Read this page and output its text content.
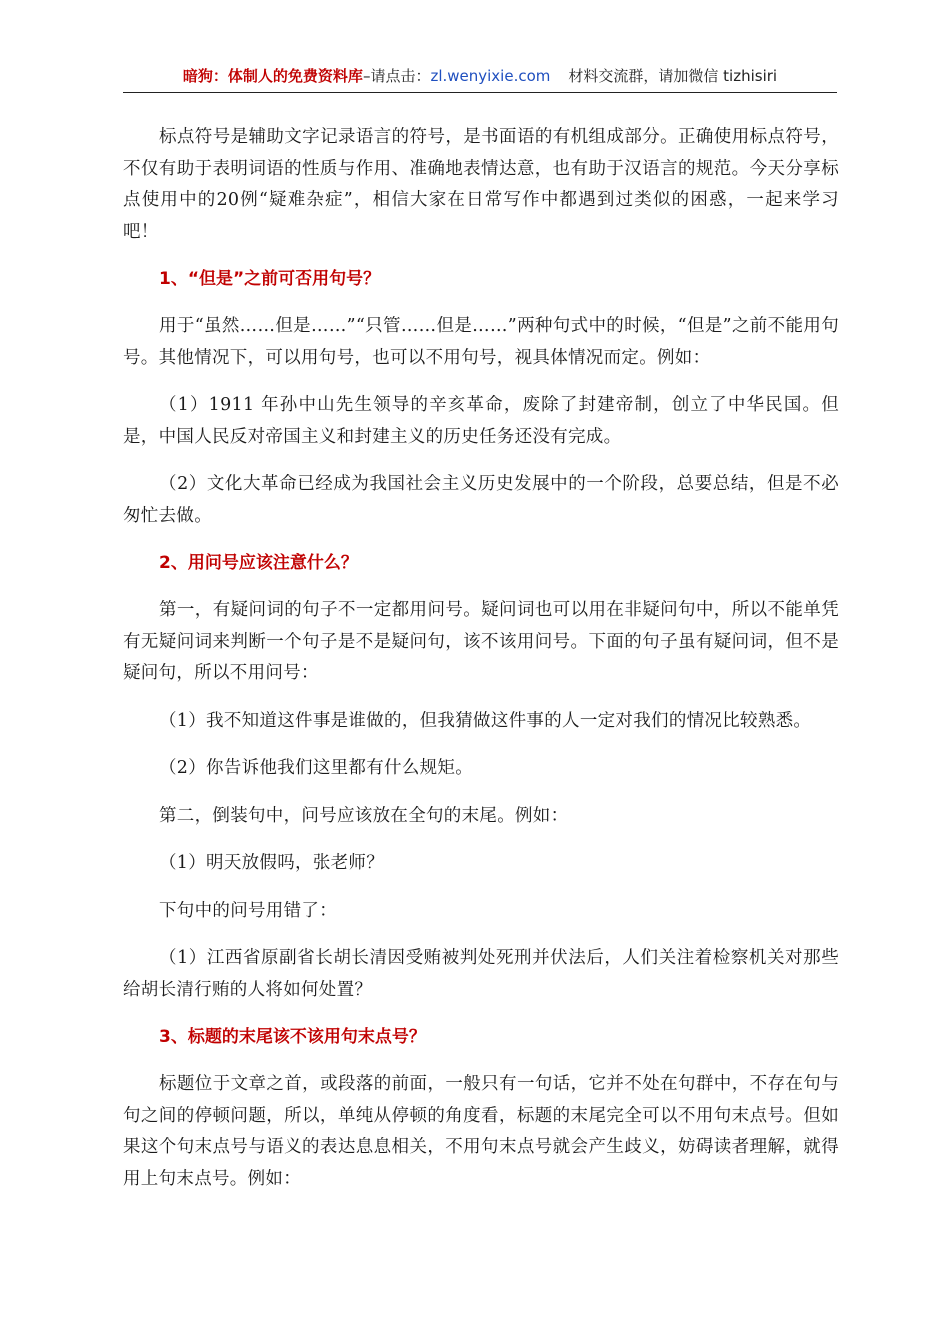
暗狗：体制人的免费资料库–请点击：zl.wenyixie.com 材料交流群，请加微信 tizhisiri

标点符号是辅助文字记录语言的符号，是书面语的有机组成部分。正确使用标点符号，不仅有助于表明词语的性质与作用、准确地表情达意，也有助于汉语言的规范。今天分享标点使用中的20例“疑难杂症”，相信大家在日常写作中都遇到过类似的困惑，一起来学习吧！

1、“但是”之前可否用句号？

用于“虽然……但是……”“只管……但是……”两种句式中的时候，“但是”之前不能用句号。其他情况下，可以用句号，也可以不用句号，视具体情况而定。例如：

（1）1911 年孙中山先生领导的辛亥革命，废除了封建帝制，创立了中华民国。但是，中国人民反对帝国主义和封建主义的历史任务还没有完成。

（2）文化大革命已经成为我国社会主义历史发展中的一个阶段，总要总结，但是不必匆忙去做。

2、用问号应该注意什么？

第一，有疑问词的句子不一定都用问号。疑问词也可以用在非疑问句中，所以不能单凭有无疑问词来判断一个句子是不是疑问句，该不该用问号。下面的句子虽有疑问词，但不是疑问句，所以不用问号：

（1）我不知道这件事是谁做的，但我猜做这件事的人一定对我们的情况比较熟悉。

（2）你告诉他我们这里都有什么规矩。

第二，倒装句中，问号应该放在全句的末尾。例如：

（1）明天放假吗，张老师？

下句中的问号用错了：

（1）江西省原副省长胡长清因受贿被判处死刑并伏法后，人们关注着检察机关对那些给胡长清行贿的人将如何处置？

3、标题的末尾该不该用句末点号？

标题位于文章之首，或段落的前面，一般只有一句话，它并不处在句群中，不存在句与句之间的停顿问题，所以，单纯从停顿的角度看，标题的末尾完全可以不用句末点号。但如果这个句末点号与语义的表达息息相关，不用句末点号就会产生歧义，妨碍读者理解，就得用上句末点号。例如：
